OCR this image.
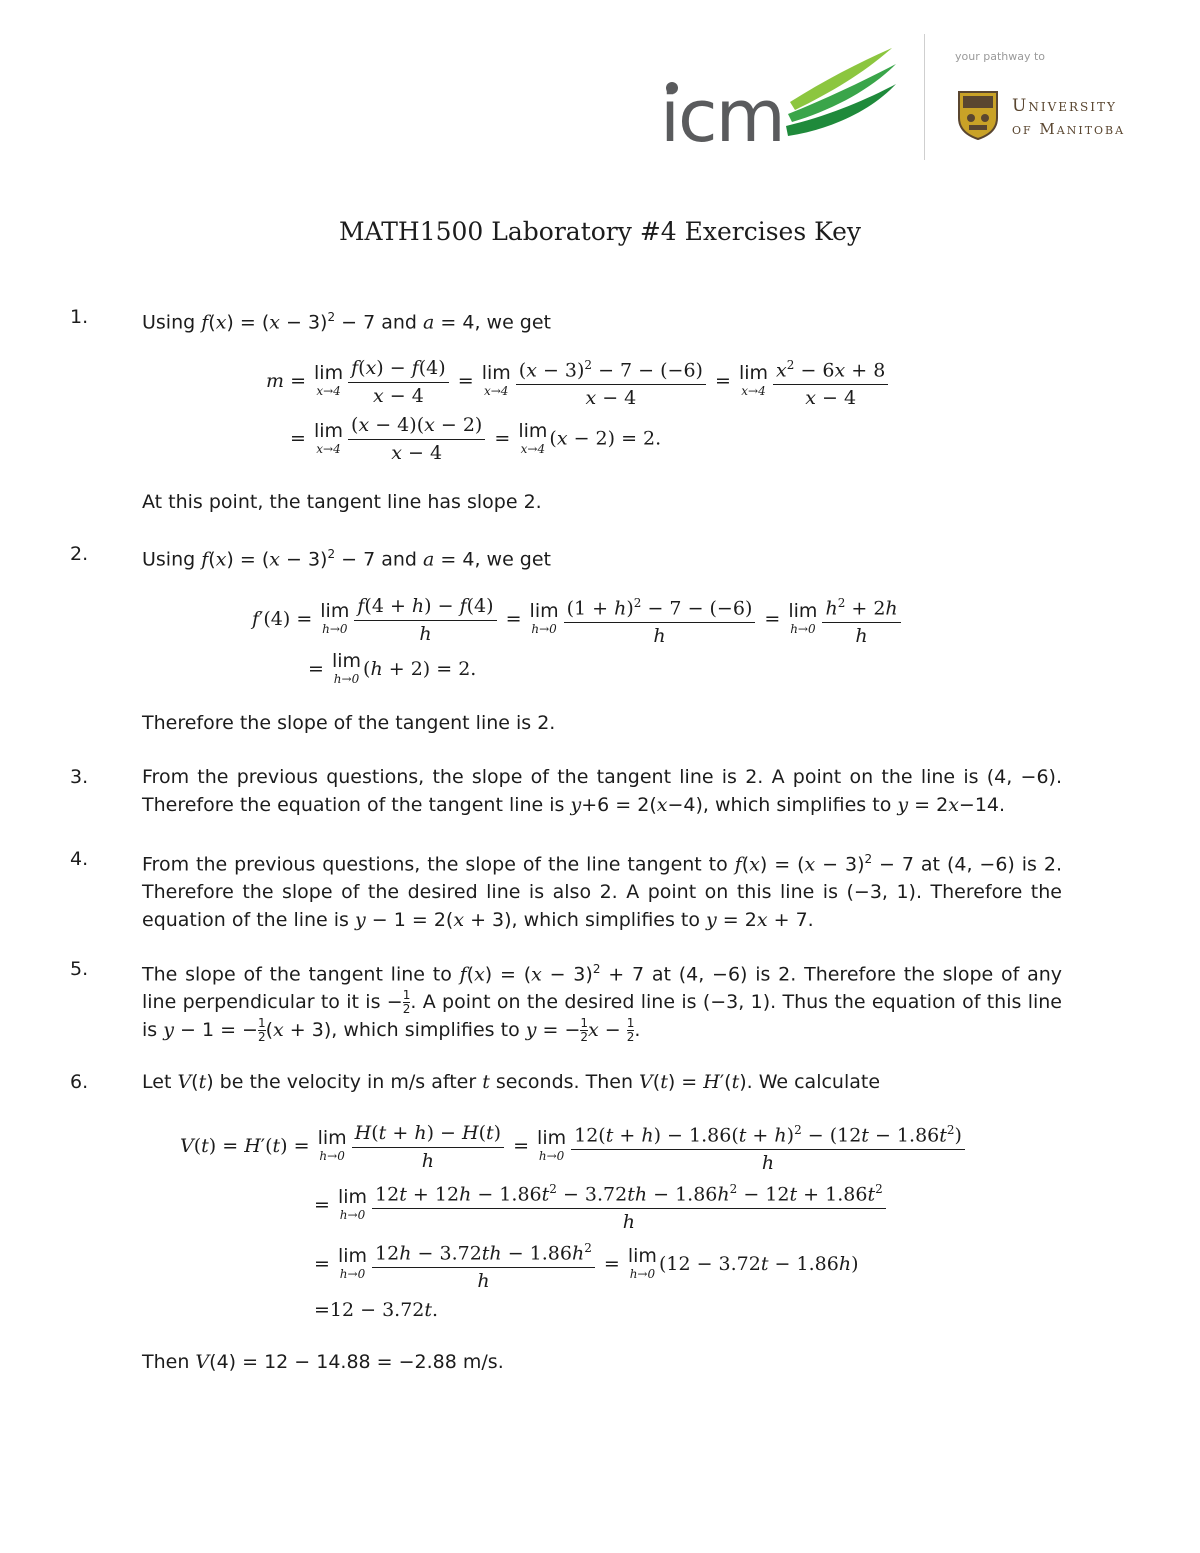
icm
your pathway to
University
of Manitoba
MATH1500 Laboratory #4 Exercises Key
1.	Using $f(x) = (x - 3)^2 - 7$ and a = 4, we get
m = lim
$x\to 4 \frac{f(x) - f(4)}{x - 4} = \lim$
$x\to 4 \frac{(x - 3)^2 - 7 - (-6)}{x - 4} = \lim$
$x\to 4 \frac{x^2 - 6x + 8}{x - 4}$
= lim
$x\to 4 \frac{(x - 4)(x - 2)}{x - 4} = \lim$
x→4 (x − 2) = 2.
At this point, the tangent line has slope 2.
2.	Using $f(x) = (x - 3)^2 - 7$ and a = 4, we get
f′(4) = lim
$h\to 0 \frac{f(4 + h) - f(4)}{h} = \lim$
$h\to 0 \frac{(1 + h)^2 - 7 - (-6)}{h} = \lim$
$h\to 0 \frac{h^2 + 2h}{h}$
= lim
h→0 (h + 2) = 2.
Therefore the slope of the tangent line is 2.
3.	From the previous questions, the slope of the tangent line is 2. A point on the line is (4, −6). Therefore the equation of the tangent line is y+6 = 2(x−4), which simplifies to y = 2x−14.
4.	From the previous questions, the slope of the line tangent to $f(x) = (x - 3)^2 - 7$ at (4, −6) is 2. Therefore the slope of the desired line is also 2. A point on this line is (−3, 1). Therefore the equation of the line is y − 1 = 2(x + 3), which simplifies to y = 2x + 7.
5.	The slope of the tangent line to $f(x) = (x - 3)^2 + 7$ at (4, −6) is 2. Therefore the slope of any line perpendicular to it is − $\frac{1}{2}$ . A point on the desired line is (−3, 1). Thus the equation of this line is y − 1 = − $\frac{1}{2} (x + 3)$, which simplifies to y = − $\frac{1}{2}$ $x - \frac{1}{2}$ .
6.	Let V(t) be the velocity in m/s after t seconds. Then V(t) = H′(t). We calculate
V(t) = H′(t) = lim
$h\to 0 \frac{H(t + h) - H(t)}{h} = \lim$
$h\to 0 \frac{12(t + h) - 1.86(t + h)^2 - (12t - 1.86t^2)}{h}$
= lim
$h\to 0 \frac{12t + 12h - 1.86t^2 - 3.72th - 1.86h^2 - 12t + 1.86t^2}{h}$
= lim
$h\to 0 \frac{12h - 3.72th - 1.86h^2}{h} = \lim$
h→0 (12 − 3.72t − 1.86h)
=12 − 3.72t.
Then V(4) = 12 − 14.88 = −2.88 m/s.
